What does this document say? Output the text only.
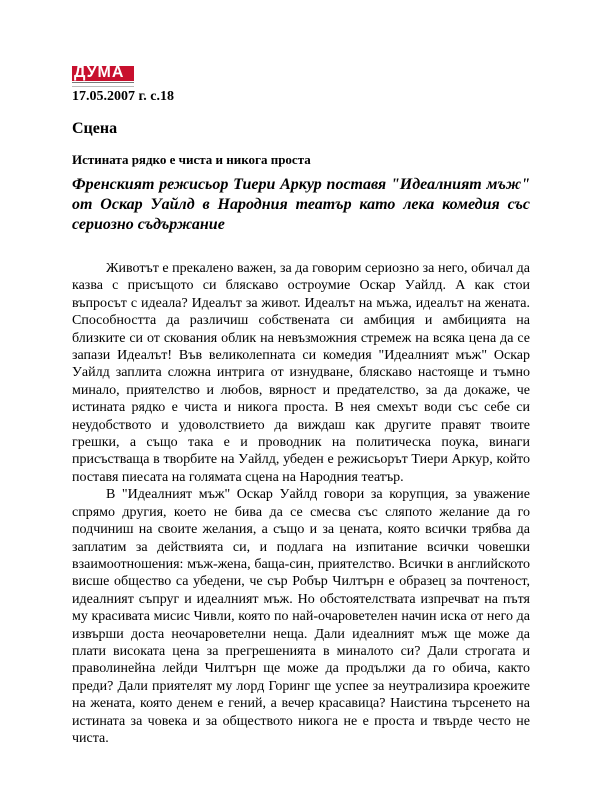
ДУМА
17.05.2007 г. с.18
Сцена
Истината рядко е чиста и никога проста
Френският режисьор Тиери Аркур поставя "Идеалният мъж" от Оскар Уайлд в Народния театър като лека комедия със сериозно съдържание

Животът е прекалено важен, за да говорим сериозно за него, обичал да казва с присъщото си бляскаво остроумие Оскар Уайлд. А как стои въпросът с идеала? Идеалът за живот. Идеалът на мъжа, идеалът на жената. Способността да различиш собствената си амбиция и амбицията на близките си от скования облик на невъзможния стремеж на всяка цена да се запази Идеалът! Във великолепната си комедия "Идеалният мъж" Оскар Уайлд заплита сложна интрига от изнудване, бляскаво настояще и тъмно минало, приятелство и любов, вярност и предателство, за да докаже, че истината рядко е чиста и никога проста. В нея смехът води със себе си неудобството и удоволствието да виждаш как другите правят твоите грешки, а също така е и проводник на политическа поука, винаги присъстваща в творбите на Уайлд, убеден е режисьорът Тиери Аркур, който поставя пиесата на голямата сцена на Народния театър.

В "Идеалният мъж" Оскар Уайлд говори за корупция, за уважение спрямо другия, което не бива да се смесва със сляпото желание да го подчиниш на своите желания, а също и за цената, която всички трябва да заплатим за действията си, и подлага на изпитание всички човешки взаимоотношения: мъж-жена, баща-син, приятелство. Всички в английското висше общество са убедени, че сър Робър Чилтърн е образец за почтеност, идеалният съпруг и идеалният мъж. Но обстоятелствата изпречват на пътя му красивата мисис Чивли, която по най-очароветелен начин иска от него да извърши доста неочароветелни неща. Дали идеалният мъж ще може да плати високата цена за прегрешенията в миналото си? Дали строгата и праволинейна лейди Чилтърн ще може да продължи да го обича, както преди? Дали приятелят му лорд Горинг ще успее за неутрализира кроежите на жената, която денем е гений, а вечер красавица? Наистина търсенето на истината за човека и за обществото никога не е проста и твърде често не чиста.
